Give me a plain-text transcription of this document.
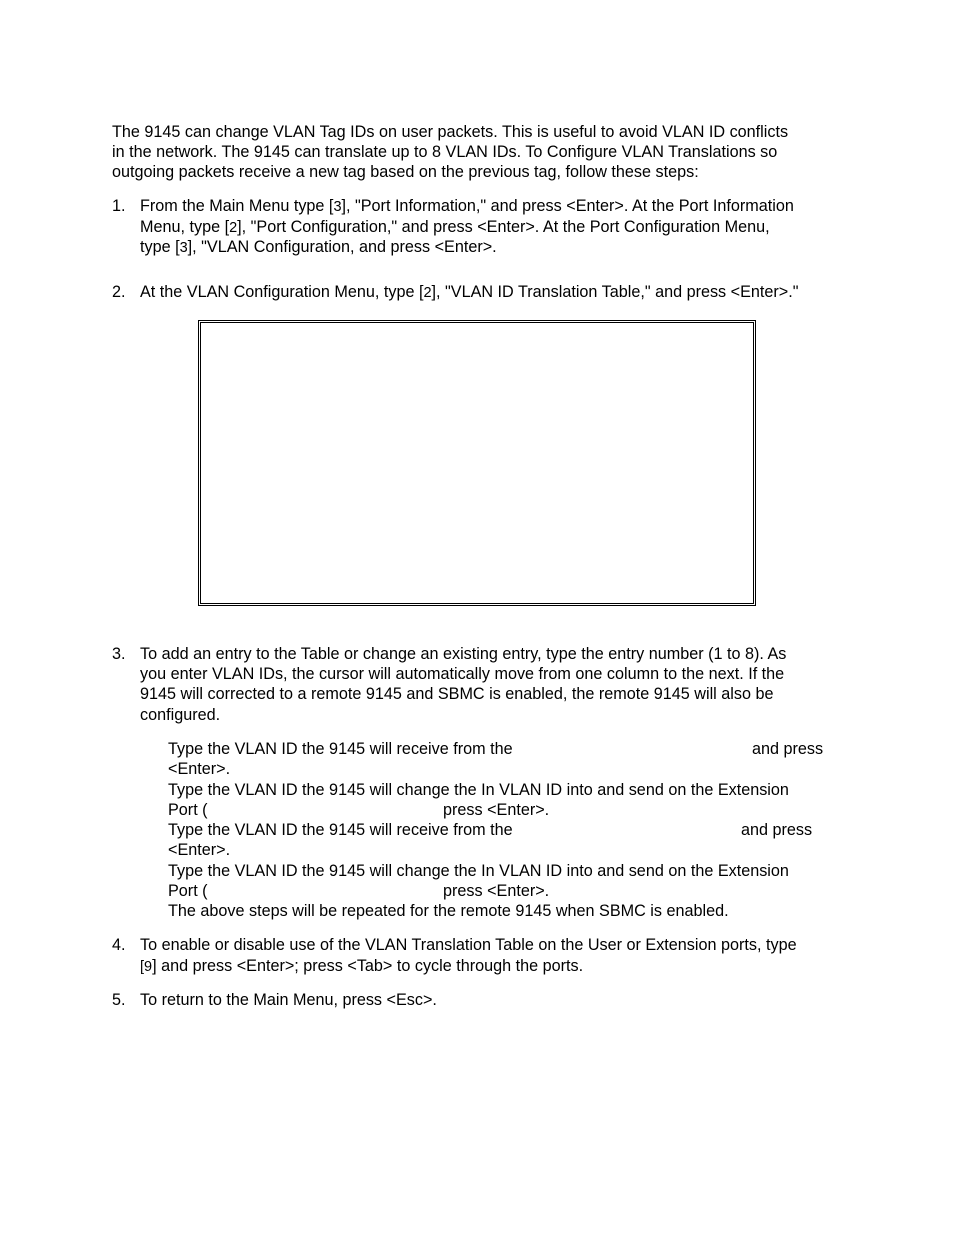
The 9145 can change VLAN Tag IDs on user packets. This is useful to avoid VLAN ID conflicts
in the network. The 9145 can translate up to 8 VLAN IDs. To Configure VLAN Translations so
outgoing packets receive a new tag based on the previous tag, follow these steps:
1. From the Main Menu type [3], "Port Information," and press <Enter>. At the Port Information
Menu, type [2], "Port Configuration," and press <Enter>. At the Port Configuration Menu,
type [3], "VLAN Configuration, and press <Enter>.
2. At the VLAN Configuration Menu, type [2], "VLAN ID Translation Table," and press <Enter>."
3. To add an entry to the Table or change an existing entry, type the entry number (1 to 8). As
you enter VLAN IDs, the cursor will automatically move from one column to the next. If the
9145 will corrected to a remote 9145 and SBMC is enabled, the remote 9145 will also be
configured.
Type the VLAN ID the 9145 will receive from the	and press
<Enter>.
Type the VLAN ID the 9145 will change the In VLAN ID into and send on the Extension
Port (	press <Enter>.
Type the VLAN ID the 9145 will receive from the	and press
<Enter>.
Type the VLAN ID the 9145 will change the In VLAN ID into and send on the Extension
Port (	press <Enter>.
The above steps will be repeated for the remote 9145 when SBMC is enabled.
4. To enable or disable use of the VLAN Translation Table on the User or Extension ports, type
[9] and press <Enter>; press <Tab> to cycle through the ports.
5. To return to the Main Menu, press <Esc>.
